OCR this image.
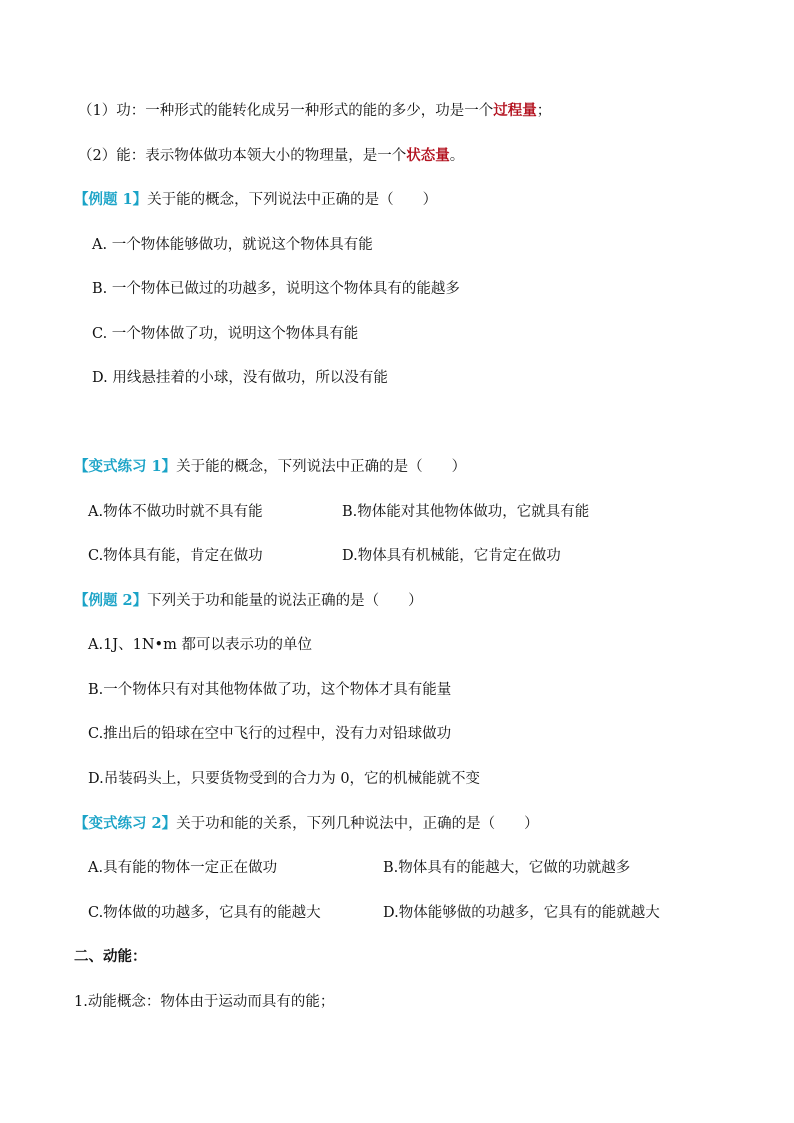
（1）功：一种形式的能转化成另一种形式的能的多少，功是一个过程量；
（2）能：表示物体做功本领大小的物理量，是一个状态量。
【例题 1】关于能的概念，下列说法中正确的是（　　）
A. 一个物体能够做功，就说这个物体具有能
B. 一个物体已做过的功越多，说明这个物体具有的能越多
C. 一个物体做了功，说明这个物体具有能
D. 用线悬挂着的小球，没有做功，所以没有能
【变式练习 1】关于能的概念，下列说法中正确的是（　　）
A.物体不做功时就不具有能	B.物体能对其他物体做功，它就具有能
C.物体具有能，肯定在做功	D.物体具有机械能，它肯定在做功
【例题 2】下列关于功和能量的说法正确的是（　　）
A.1J、1N•m 都可以表示功的单位
B.一个物体只有对其他物体做了功，这个物体才具有能量
C.推出后的铅球在空中飞行的过程中，没有力对铅球做功
D.吊装码头上，只要货物受到的合力为 0，它的机械能就不变
【变式练习 2】关于功和能的关系，下列几种说法中，正确的是（　　）
A.具有能的物体一定正在做功	B.物体具有的能越大，它做的功就越多
C.物体做的功越多，它具有的能越大	D.物体能够做的功越多，它具有的能就越大
二、动能：
1.动能概念：物体由于运动而具有的能；
